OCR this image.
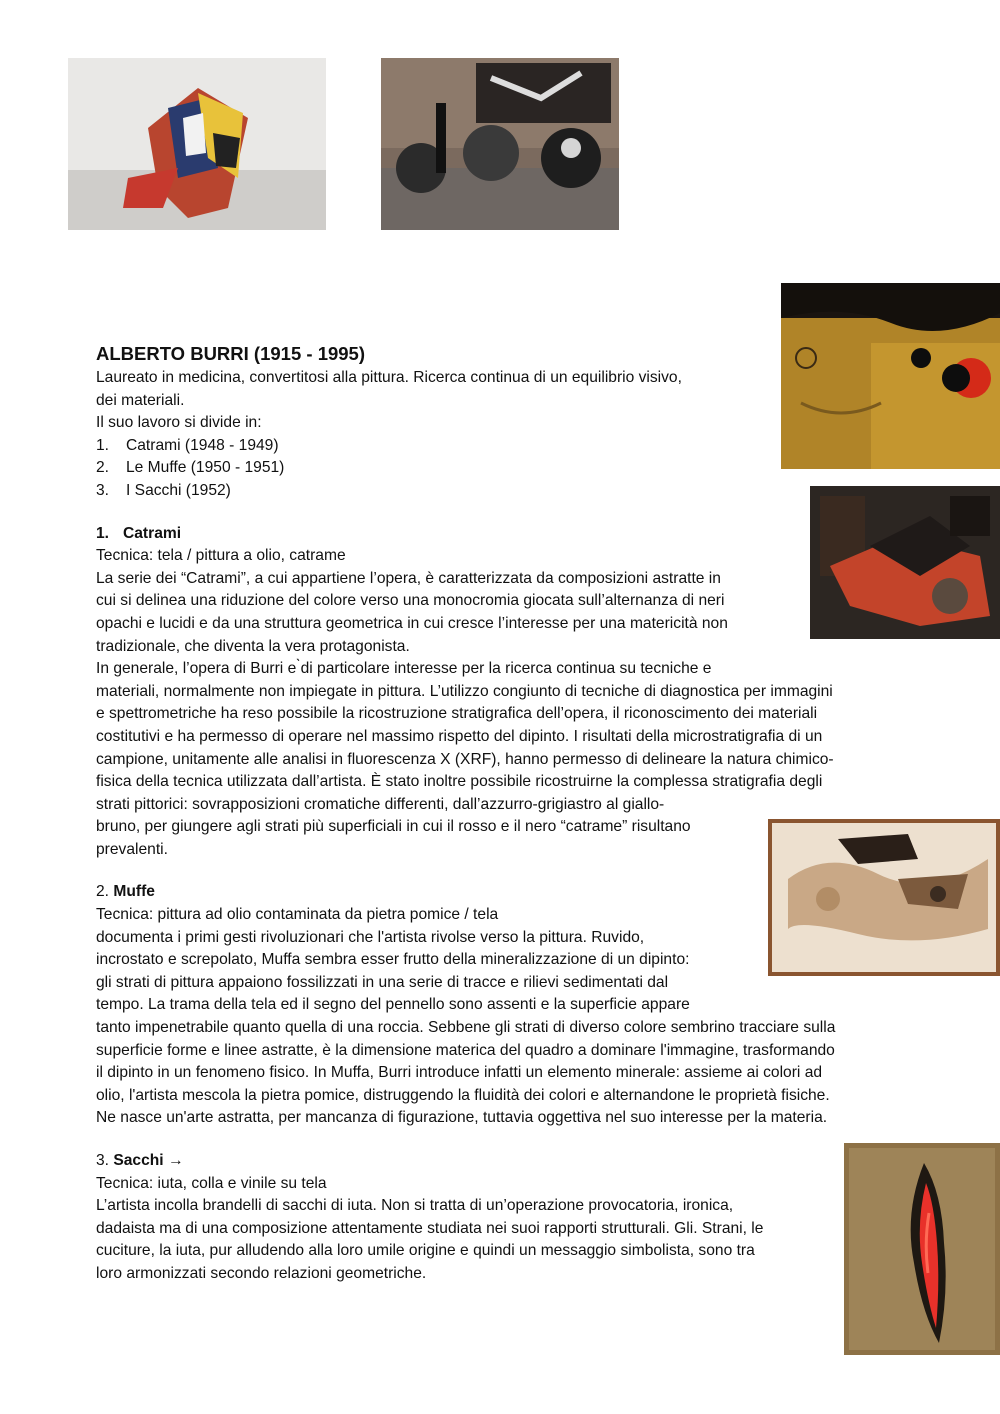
ALBERTO BURRI (1915 - 1995)
Laureato in medicina, convertitosi alla pittura. Ricerca continua di un equilibrio visivo,
dei materiali.
Il suo lavoro si divide in:
1. Catrami (1948 - 1949)
2. Le Muffe (1950 - 1951)
3. I Sacchi (1952)
1. Catrami
Tecnica: tela / pittura a olio, catrame
La serie dei “Catrami”, a cui appartiene l’opera, è caratterizzata da composizioni astratte in
cui si delinea una riduzione del colore verso una monocromia giocata sull’alternanza di neri
opachi e lucidi e da una struttura geometrica in cui cresce l’interesse per una matericità non
tradizionale, che diventa la vera protagonista.
In generale, l’opera di Burri e ̀di particolare interesse per la ricerca continua su tecniche e
materiali, normalmente non impiegate in pittura. L’utilizzo congiunto di tecniche di diagnostica per immagini
e spettrometriche ha reso possibile la ricostruzione stratigrafica dell’opera, il riconoscimento dei materiali
costitutivi e ha permesso di operare nel massimo rispetto del dipinto. I risultati della microstratigrafia di un
campione, unitamente alle analisi in fluorescenza X (XRF), hanno permesso di delineare la natura chimico-
fisica della tecnica utilizzata dall’artista. È stato inoltre possibile ricostruirne la complessa stratigrafia degli
strati pittorici: sovrapposizioni cromatiche differenti, dall’azzurro-grigiastro al giallo-
bruno, per giungere agli strati più superficiali in cui il rosso e il nero “catrame” risultano
prevalenti.
2. Muffe
Tecnica: pittura ad olio contaminata da pietra pomice / tela
documenta i primi gesti rivoluzionari che l'artista rivolse verso la pittura. Ruvido,
incrostato e screpolato, Muffa sembra esser frutto della mineralizzazione di un dipinto:
gli strati di pittura appaiono fossilizzati in una serie di tracce e rilievi sedimentati dal
tempo. La trama della tela ed il segno del pennello sono assenti e la superficie appare
tanto impenetrabile quanto quella di una roccia. Sebbene gli strati di diverso colore sembrino tracciare sulla
superficie forme e linee astratte, è la dimensione materica del quadro a dominare l'immagine, trasformando
il dipinto in un fenomeno fisico. In Muffa, Burri introduce infatti un elemento minerale: assieme ai colori ad
olio, l'artista mescola la pietra pomice, distruggendo la fluidità dei colori e alternandone le proprietà fisiche.
Ne nasce un'arte astratta, per mancanza di figurazione, tuttavia oggettiva nel suo interesse per la materia.
3. Sacchi →
Tecnica: iuta, colla e vinile su tela
L’artista incolla brandelli di sacchi di iuta. Non si tratta di un’operazione provocatoria, ironica,
dadaista ma di una composizione attentamente studiata nei suoi rapporti strutturali. Gli. Strani, le
cuciture, la iuta, pur alludendo alla loro umile origine e quindi un messaggio simbolista, sono tra
loro armonizzati secondo relazioni geometriche.
